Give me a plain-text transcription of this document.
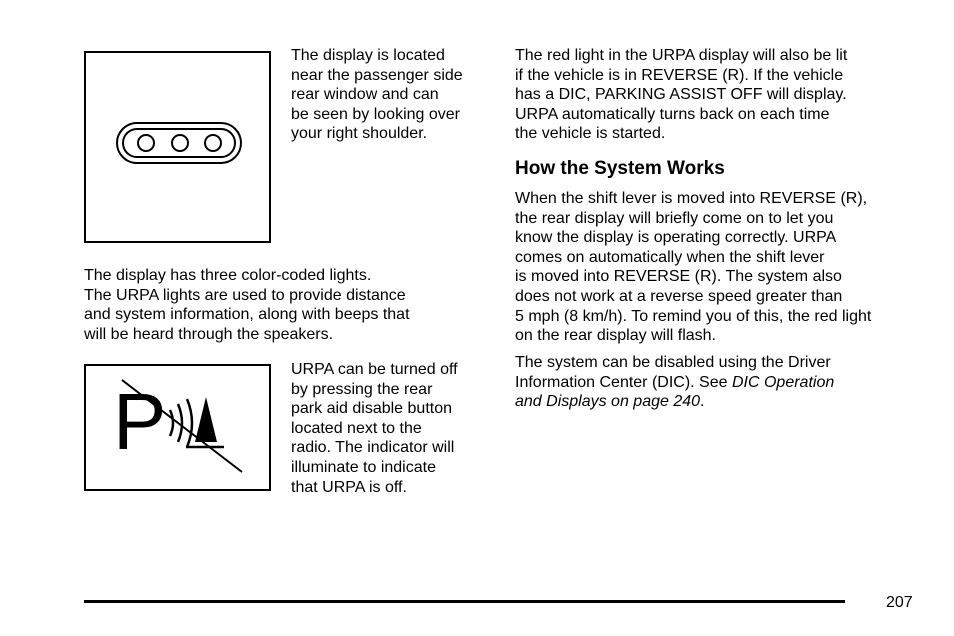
The display is located
near the passenger side
rear window and can
be seen by looking over
your right shoulder.
The display has three color-coded lights.
The URPA lights are used to provide distance
and system information, along with beeps that
will be heard through the speakers.
P
URPA can be turned off
by pressing the rear
park aid disable button
located next to the
radio. The indicator will
illuminate to indicate
that URPA is off.
The red light in the URPA display will also be lit
if the vehicle is in REVERSE (R). If the vehicle
has a DIC, PARKING ASSIST OFF will display.
URPA automatically turns back on each time
the vehicle is started.
How the System Works
When the shift lever is moved into REVERSE (R),
the rear display will briefly come on to let you
know the display is operating correctly. URPA
comes on automatically when the shift lever
is moved into REVERSE (R). The system also
does not work at a reverse speed greater than
5 mph (8 km/h). To remind you of this, the red light
on the rear display will flash.
The system can be disabled using the Driver
Information Center (DIC). See DIC Operation
and Displays on page 240.
207
